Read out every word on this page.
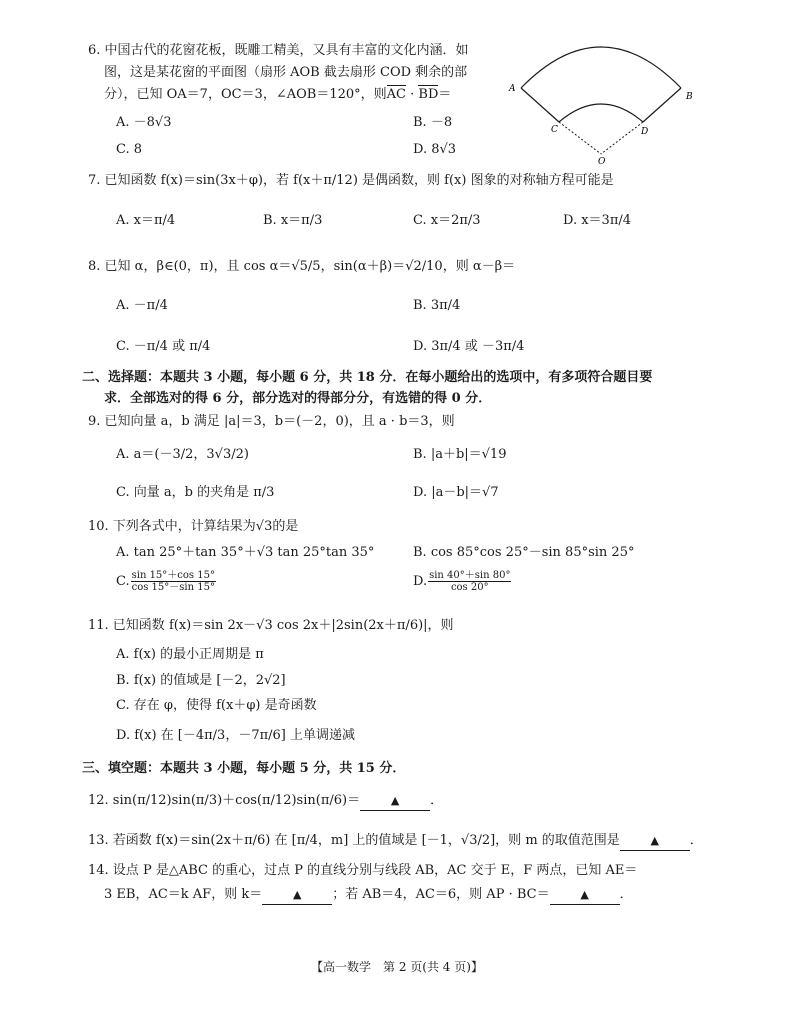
6. 中国古代的花窗花板，既雕工精美，又具有丰富的文化内涵．如
图，这是某花窗的平面图（扇形 AOB 截去扇形 COD 剩余的部
分），已知 OA＝7，OC＝3，∠AOB＝120°，则AC · BD＝
A. －8√3	B. －8
C. 8	D. 8√3
A
B
C	D
O
7. 已知函数 f(x)＝sin(3x＋φ)，若 f(x＋π/12) 是偶函数，则 f(x) 图象的对称轴方程可能是
A. x＝π/4	B. x＝π/3	C. x＝2π/3	D. x＝3π/4
8. 已知 α，β∈(0，π)，且 cos α＝√5/5，sin(α＋β)＝√2/10，则 α－β＝
A. －π/4	B. 3π/4
C. －π/4 或 π/4	D. 3π/4 或 －3π/4
二、选择题：本题共 3 小题，每小题 6 分，共 18 分．在每小题给出的选项中，有多项符合题目要
求．全部选对的得 6 分，部分选对的得部分分，有选错的得 0 分．
9. 已知向量 a，b 满足 |a|＝3，b＝(－2，0)，且 a · b＝3，则
A. a＝(－3/2，3√3/2)	B. |a＋b|＝√19
C. 向量 a，b 的夹角是 π/3	D. |a－b|＝√7
10. 下列各式中，计算结果为√3的是
A. tan 25°＋tan 35°＋√3 tan 25°tan 35°	B. cos 85°cos 25°－sin 85°sin 25°
C. $\frac{\sin 15^\circ+\cos 15^\circ}{\cos 15^\circ-\sin 15^\circ}$	D. $\frac{\sin 40^\circ+\sin 80^\circ}{\cos 20^\circ}$
11. 已知函数 f(x)＝sin 2x－√3 cos 2x＋|2sin(2x＋π/6)|，则
A. f(x) 的最小正周期是 π
B. f(x) 的值域是 [－2，2√2]
C. 存在 φ，使得 f(x＋φ) 是奇函数
D. f(x) 在 [－4π/3，－7π/6] 上单调递减
三、填空题：本题共 3 小题，每小题 5 分，共 15 分．
12. sin(π/12)sin(π/3)＋cos(π/12)sin(π/6)＝	▲ ．
13. 若函数 f(x)＝sin(2x＋π/6) 在 [π/4，m] 上的值域是 [－1，√3/2]，则 m 的取值范围是	▲ ．
14. 设点 P 是△ABC 的重心，过点 P 的直线分别与线段 AB，AC 交于 E，F 两点，已知 AE＝
3 EB，AC＝k AF，则 k＝	▲ ；若 AB＝4，AC＝6，则 AP · BC＝	▲ ．
【高一数学　第 2 页(共 4 页)】
